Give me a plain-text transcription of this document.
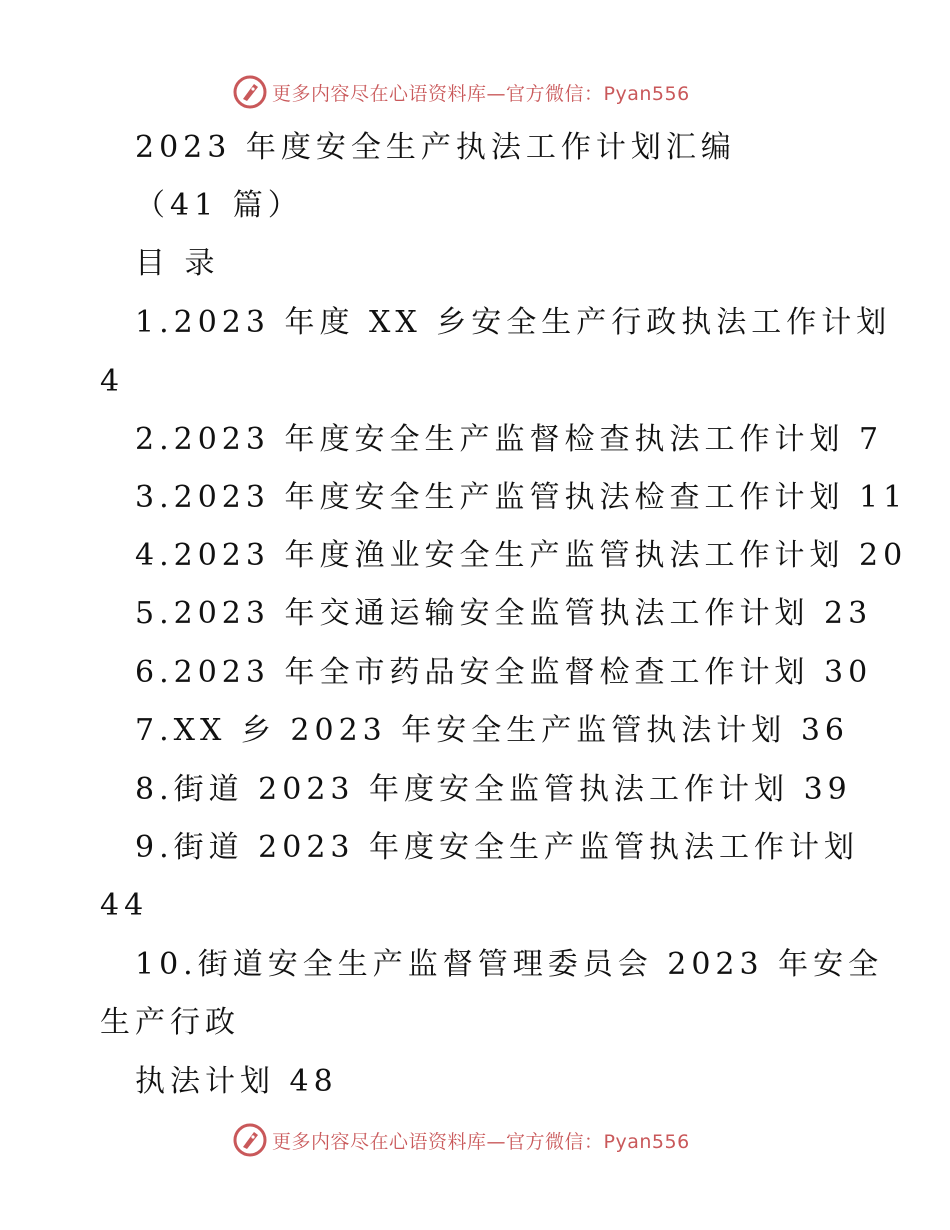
更多内容尽在心语资料库—官方微信：Pyan556
2023 年度安全生产执法工作计划汇编
（41 篇）
目 录
1.2023 年度 XX 乡安全生产行政执法工作计划
4
2.2023 年度安全生产监督检查执法工作计划 7
3.2023 年度安全生产监管执法检查工作计划 11
4.2023 年度渔业安全生产监管执法工作计划 20
5.2023 年交通运输安全监管执法工作计划 23
6.2023 年全市药品安全监督检查工作计划 30
7.XX 乡 2023 年安全生产监管执法计划 36
8.街道 2023 年度安全监管执法工作计划 39
9.街道 2023 年度安全生产监管执法工作计划
44
10.街道安全生产监督管理委员会 2023 年安全
生产行政
执法计划 48
更多内容尽在心语资料库—官方微信：Pyan556
